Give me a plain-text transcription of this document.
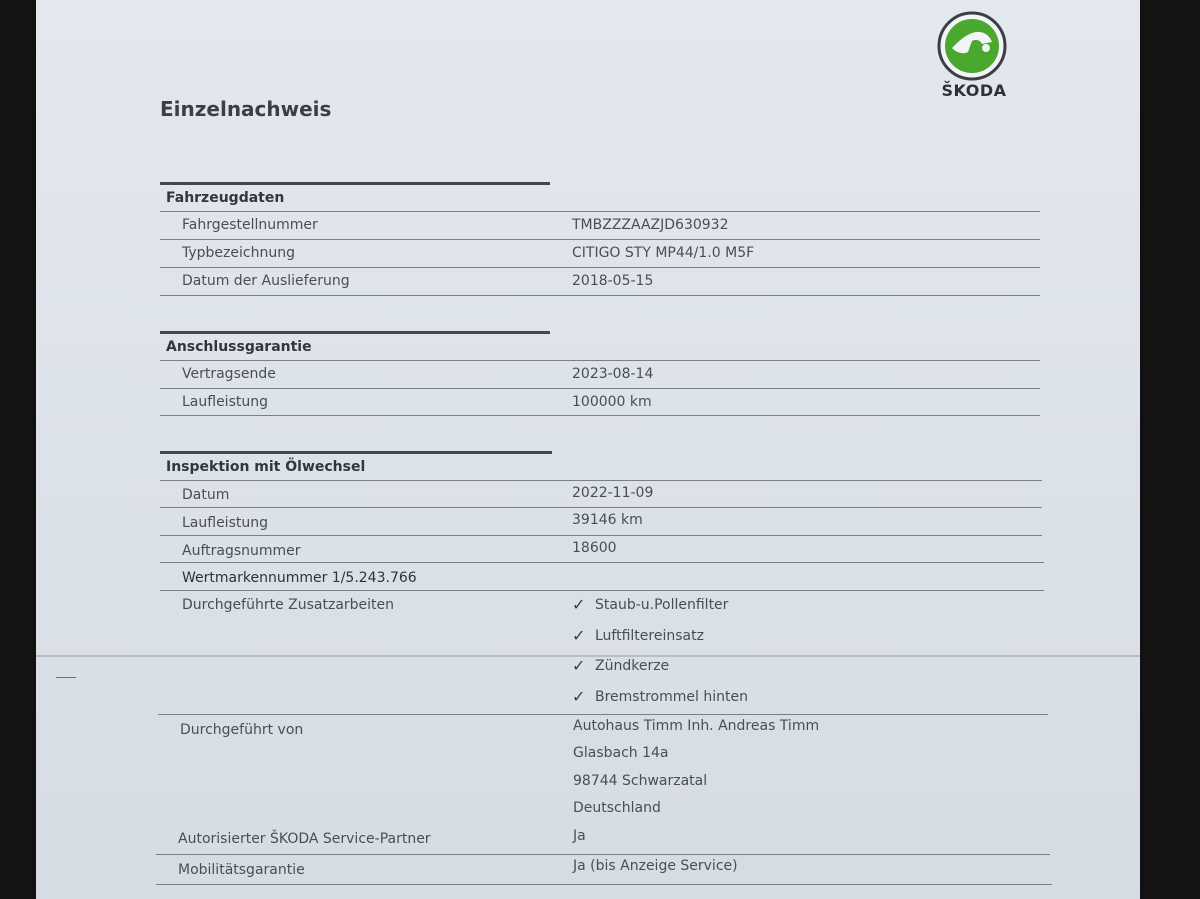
Einzelnachweis
ŠKODA
Fahrzeugdaten
Fahrgestellnummer	TMBZZZAAZJD630932
Typbezeichnung	CITIGO STY MP44/1.0 M5F
Datum der Auslieferung	2018-05-15
Anschlussgarantie
Vertragsende	2023-08-14
Laufleistung	100000 km
Inspektion mit Ölwechsel
Datum	2022-11-09
Laufleistung	39146 km
Auftragsnummer	18600
Wertmarkennummer 1/5.243.766
Durchgeführte Zusatzarbeiten	✓ Staub-u.Pollenfilter
✓ Luftfiltereinsatz
✓ Zündkerze
✓ Bremstrommel hinten
Durchgeführt von	Autohaus Timm Inh. Andreas Timm
Glasbach 14a
98744 Schwarzatal
Deutschland
Autorisierter ŠKODA Service-Partner	Ja
Mobilitätsgarantie	Ja (bis Anzeige Service)
